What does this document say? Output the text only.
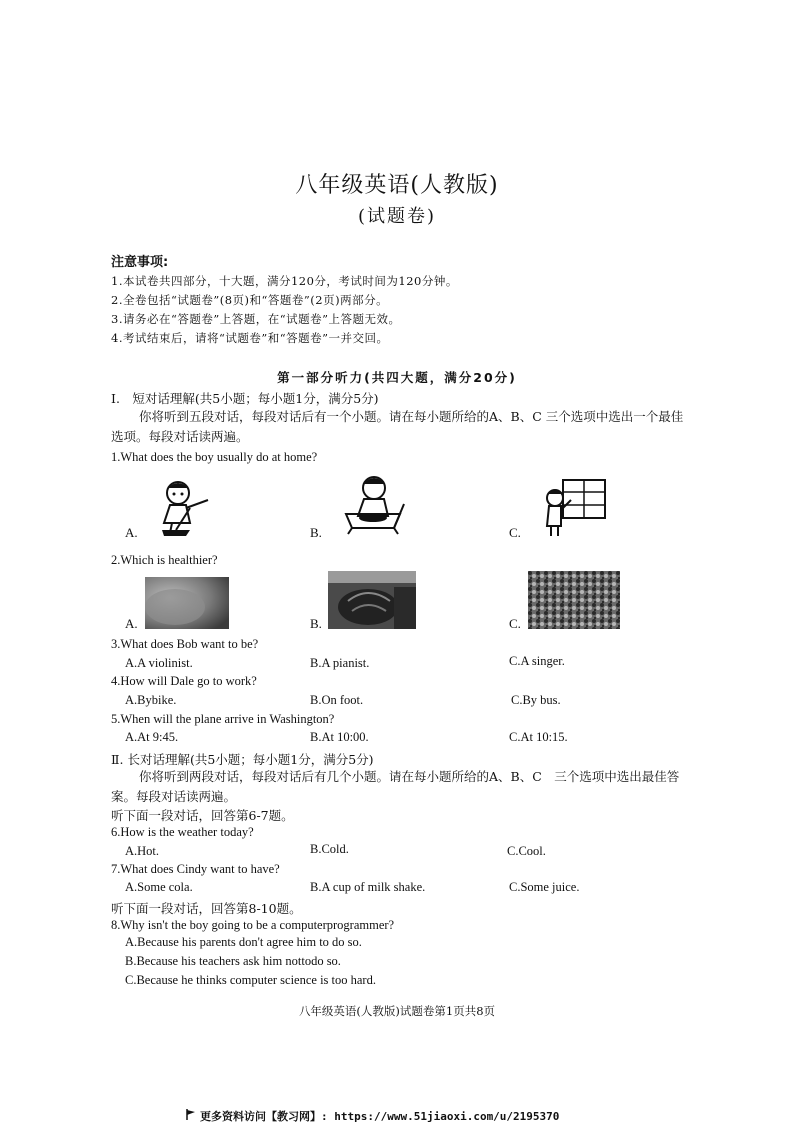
八年级英语(人教版)
(试题卷)
注意事项:
1.本试卷共四部分，十大题，满分120分，考试时间为120分钟。
2.全卷包括“试题卷”(8页)和“答题卷”(2页)两部分。
3.请务必在“答题卷”上答题，在“试题卷”上答题无效。
4.考试结束后，请将“试题卷”和“答题卷”一并交回。
第一部分听力(共四大题，满分20分)
I.　短对话理解(共5小题；每小题1分，满分5分)
你将听到五段对话，每段对话后有一个小题。请在每小题所给的A、B、C 三个选项中选出一个最佳选项。每段对话读两遍。
1.What does the boy usually do at home?
A.	B.	C.
2.Which is healthier?
A.	B.	C.
3.What does Bob want to be?
A.A violinist.	B.A pianist.	C.A singer.
4.How will Dale go to work?
A.Bybike.	B.On foot.	C.By bus.
5.When will the plane arrive in Washington?
A.At 9:45.	B.At 10:00.	C.At 10:15.
Ⅱ. 长对话理解(共5小题；每小题1分，满分5分)
你将听到两段对话，每段对话后有几个小题。请在每小题所给的A、B、C　三个选项中选出最佳答案。每段对话读两遍。
听下面一段对话，回答第6-7题。
6.How is the weather today?
A.Hot.	B.Cold.	C.Cool.
7.What does Cindy want to have?
A.Some cola.	B.A cup of milk shake.	C.Some juice.
听下面一段对话，回答第8-10题。
8.Why isn't the boy going to be a computerprogrammer?
A.Because his parents don't agree him to do so.
B.Because his teachers ask him nottodo so.
C.Because he thinks computer science is too hard.
八年级英语(人教版)试题卷第1页共8页
更多资料访问【教习网】: https://www.51jiaoxi.com/u/2195370
